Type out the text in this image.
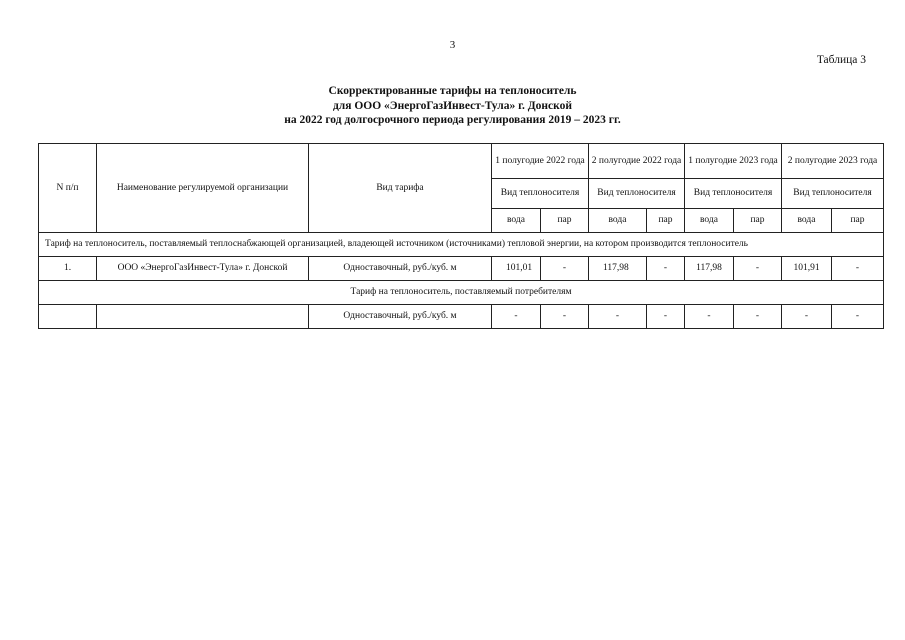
3
Таблица 3
Скорректированные тарифы на теплоноситель
для ООО «ЭнергоГазИнвест-Тула» г. Донской
на 2022 год долгосрочного периода регулирования 2019 – 2023 гг.
N п/п	Наименование регулируемой организации	Вид тарифа	1 полугодие 2022 года		2 полугодие 2022 года		1 полугодие 2023 года		2 полугодие 2023 года	
			Вид теплоносителя		Вид теплоносителя		Вид теплоносителя		Вид теплоносителя	
			вода	пар	вода	пар	вода	пар	вода	пар
Тариф на теплоноситель, поставляемый теплоснабжающей организацией, владеющей источником (источниками) тепловой энергии, на котором производится теплоноситель										
1.	ООО «ЭнергоГазИнвест-Тула» г. Донской	Одноставочный, руб./куб. м	101,01	-	117,98	-	117,98	-	101,91	-
Тариф на теплоноситель, поставляемый потребителям										
		Одноставочный, руб./куб. м	-	-	-	-	-	-	-	-
